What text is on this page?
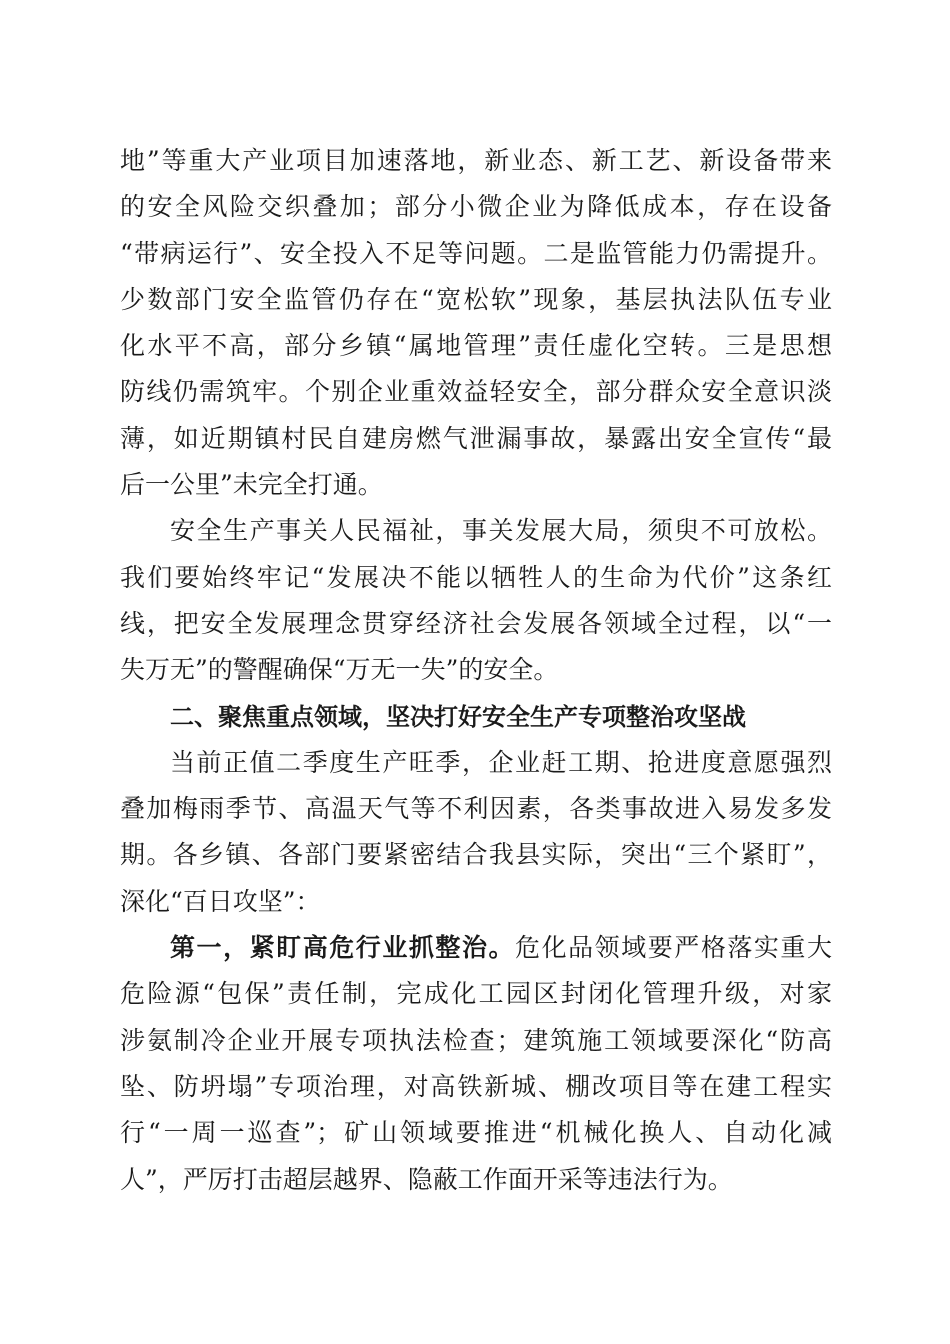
地”等重大产业项目加速落地，新业态、新工艺、新设备带来
的安全风险交织叠加；部分小微企业为降低成本，存在设备
“带病运行”、安全投入不足等问题。二是监管能力仍需提升。
少数部门安全监管仍存在“宽松软”现象，基层执法队伍专业
化水平不高，部分乡镇“属地管理”责任虚化空转。三是思想
防线仍需筑牢。个别企业重效益轻安全，部分群众安全意识淡
薄，如近期镇村民自建房燃气泄漏事故，暴露出安全宣传“最
后一公里”未完全打通。
安全生产事关人民福祉，事关发展大局，须臾不可放松。
我们要始终牢记“发展决不能以牺牲人的生命为代价”这条红
线，把安全发展理念贯穿经济社会发展各领域全过程，以“一
失万无”的警醒确保“万无一失”的安全。
二、聚焦重点领域，坚决打好安全生产专项整治攻坚战
当前正值二季度生产旺季，企业赶工期、抢进度意愿强烈
叠加梅雨季节、高温天气等不利因素，各类事故进入易发多发
期。各乡镇、各部门要紧密结合我县实际，突出“三个紧盯”，
深化“百日攻坚”：
第一，紧盯高危行业抓整治。危化品领域要严格落实重大
危险源“包保”责任制，完成化工园区封闭化管理升级，对家
涉氨制冷企业开展专项执法检查；建筑施工领域要深化“防高
坠、防坍塌”专项治理，对高铁新城、棚改项目等在建工程实
行“一周一巡查”；矿山领域要推进“机械化换人、自动化减
人”，严厉打击超层越界、隐蔽工作面开采等违法行为。
